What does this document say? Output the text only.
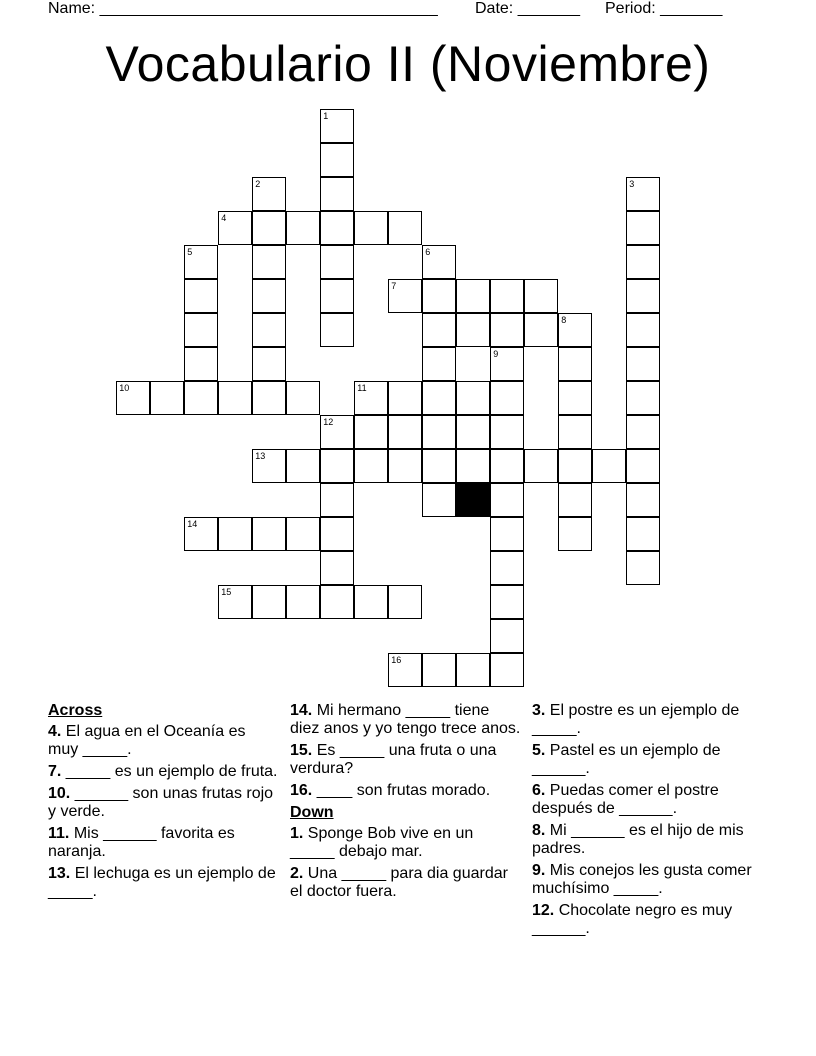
Name: ______________________________________ Date: _______ Period: _______
Vocabulario II (Noviembre)
1
2	3
4
5	6
7
8
9
10	11
12
13
14
15
16
Across
4. El agua en el Oceanía es muy _____.
7. _____ es un ejemplo de fruta.
10. ______ son unas frutas rojo y verde.
11. Mis ______ favorita es naranja.
13. El lechuga es un ejemplo de _____.
14. Mi hermano _____ tiene diez anos y yo tengo trece anos.
15. Es _____ una fruta o una verdura?
16. ____ son frutas morado.
Down
1. Sponge Bob vive en un _____ debajo mar.
2. Una _____ para dia guardar el doctor fuera.
3. El postre es un ejemplo de _____.
5. Pastel es un ejemplo de ______.
6. Puedas comer el postre después de ______.
8. Mi ______ es el hijo de mis padres.
9. Mis conejos les gusta comer muchísimo _____.
12. Chocolate negro es muy ______.
